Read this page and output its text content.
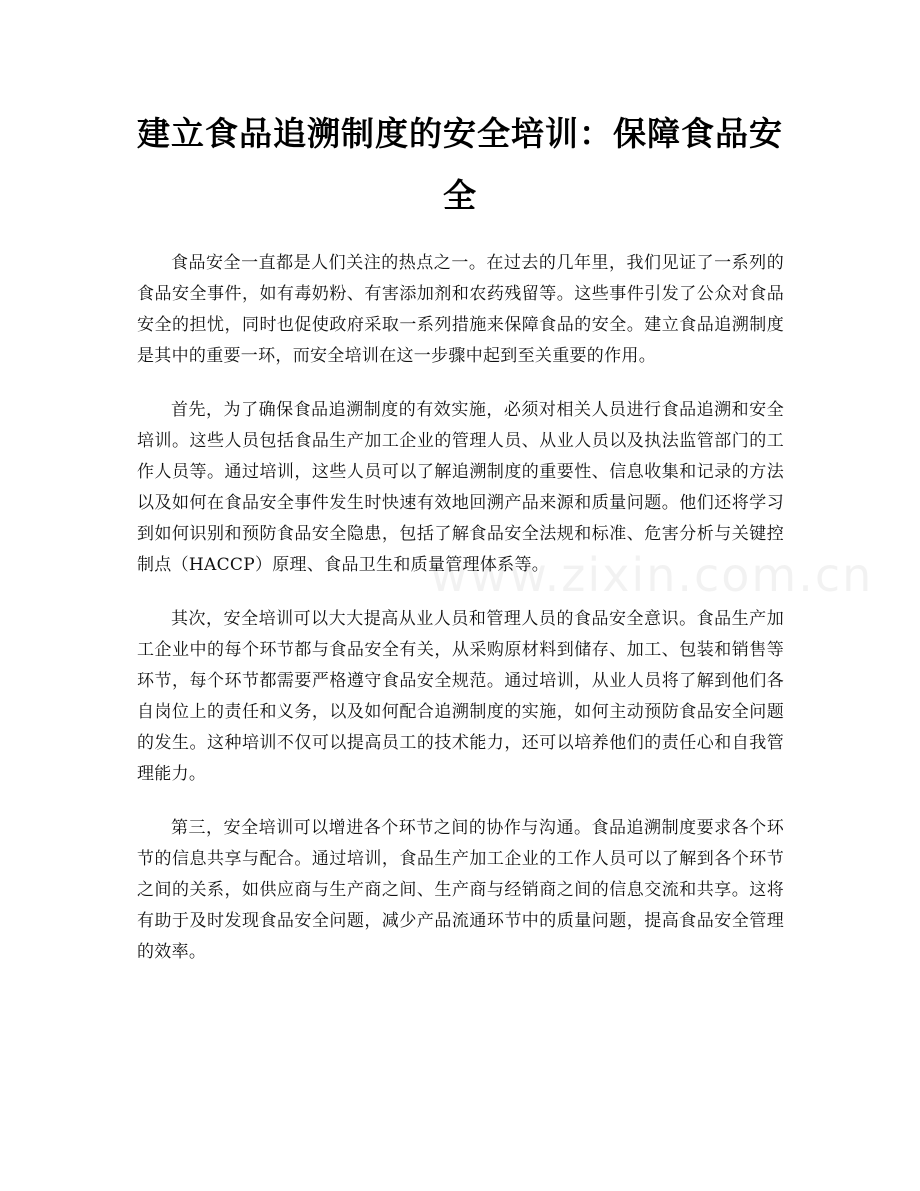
建立食品追溯制度的安全培训：保障食品安全
www.zixin.com.cn

食品安全一直都是人们关注的热点之一。在过去的几年里，我们见证了一系列的食品安全事件，如有毒奶粉、有害添加剂和农药残留等。这些事件引发了公众对食品安全的担忧，同时也促使政府采取一系列措施来保障食品的安全。建立食品追溯制度是其中的重要一环，而安全培训在这一步骤中起到至关重要的作用。

首先，为了确保食品追溯制度的有效实施，必须对相关人员进行食品追溯和安全培训。这些人员包括食品生产加工企业的管理人员、从业人员以及执法监管部门的工作人员等。通过培训，这些人员可以了解追溯制度的重要性、信息收集和记录的方法以及如何在食品安全事件发生时快速有效地回溯产品来源和质量问题。他们还将学习到如何识别和预防食品安全隐患，包括了解食品安全法规和标准、危害分析与关键控制点（HACCP）原理、食品卫生和质量管理体系等。

其次，安全培训可以大大提高从业人员和管理人员的食品安全意识。食品生产加工企业中的每个环节都与食品安全有关，从采购原材料到储存、加工、包装和销售等环节，每个环节都需要严格遵守食品安全规范。通过培训，从业人员将了解到他们各自岗位上的责任和义务，以及如何配合追溯制度的实施，如何主动预防食品安全问题的发生。这种培训不仅可以提高员工的技术能力，还可以培养他们的责任心和自我管理能力。

第三，安全培训可以增进各个环节之间的协作与沟通。食品追溯制度要求各个环节的信息共享与配合。通过培训，食品生产加工企业的工作人员可以了解到各个环节之间的关系，如供应商与生产商之间、生产商与经销商之间的信息交流和共享。这将有助于及时发现食品安全问题，减少产品流通环节中的质量问题，提高食品安全管理的效率。
